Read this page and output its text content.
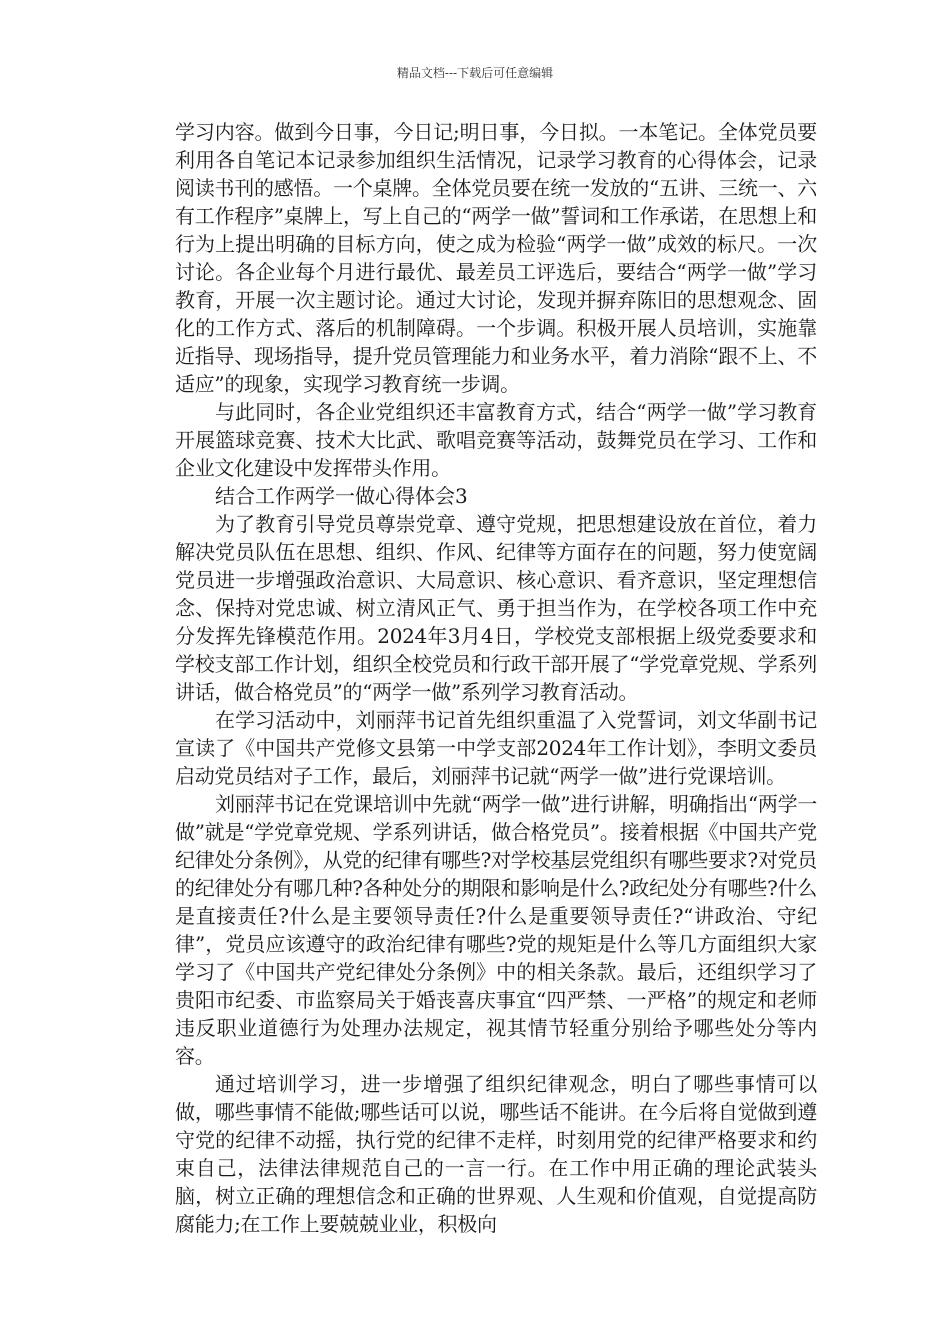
精品文档---下载后可任意编辑

学习内容。做到今日事，今日记;明日事，今日拟。一本笔记。全体党员要利用各自笔记本记录参加组织生活情况，记录学习教育的心得体会，记录阅读书刊的感悟。一个桌牌。全体党员要在统一发放的“五讲、三统一、六有工作程序”桌牌上，写上自己的“两学一做”誓词和工作承诺，在思想上和行为上提出明确的目标方向，使之成为检验“两学一做”成效的标尺。一次讨论。各企业每个月进行最优、最差员工评选后，要结合“两学一做”学习教育，开展一次主题讨论。通过大讨论，发现并摒弃陈旧的思想观念、固化的工作方式、落后的机制障碍。一个步调。积极开展人员培训，实施靠近指导、现场指导，提升党员管理能力和业务水平，着力消除“跟不上、不适应”的现象，实现学习教育统一步调。

与此同时，各企业党组织还丰富教育方式，结合“两学一做”学习教育开展篮球竞赛、技术大比武、歌唱竞赛等活动，鼓舞党员在学习、工作和企业文化建设中发挥带头作用。

结合工作两学一做心得体会3

为了教育引导党员尊崇党章、遵守党规，把思想建设放在首位，着力解决党员队伍在思想、组织、作风、纪律等方面存在的问题，努力使宽阔党员进一步增强政治意识、大局意识、核心意识、看齐意识，坚定理想信念、保持对党忠诚、树立清风正气、勇于担当作为，在学校各项工作中充分发挥先锋模范作用。2024年3月4日，学校党支部根据上级党委要求和学校支部工作计划，组织全校党员和行政干部开展了“学党章党规、学系列讲话，做合格党员”的“两学一做”系列学习教育活动。

在学习活动中，刘丽萍书记首先组织重温了入党誓词，刘文华副书记宣读了《中国共产党修文县第一中学支部2024年工作计划》，李明文委员启动党员结对子工作，最后，刘丽萍书记就“两学一做”进行党课培训。

刘丽萍书记在党课培训中先就“两学一做”进行讲解，明确指出“两学一做”就是“学党章党规、学系列讲话，做合格党员”。接着根据《中国共产党纪律处分条例》，从党的纪律有哪些?对学校基层党组织有哪些要求?对党员的纪律处分有哪几种?各种处分的期限和影响是什么?政纪处分有哪些?什么是直接责任?什么是主要领导责任?什么是重要领导责任?“讲政治、守纪律”，党员应该遵守的政治纪律有哪些?党的规矩是什么等几方面组织大家学习了《中国共产党纪律处分条例》中的相关条款。最后，还组织学习了贵阳市纪委、市监察局关于婚丧喜庆事宜“四严禁、一严格”的规定和老师违反职业道德行为处理办法规定，视其情节轻重分别给予哪些处分等内容。

通过培训学习，进一步增强了组织纪律观念，明白了哪些事情可以做，哪些事情不能做;哪些话可以说，哪些话不能讲。在今后将自觉做到遵守党的纪律不动摇，执行党的纪律不走样，时刻用党的纪律严格要求和约束自己，法律法律规范自己的一言一行。在工作中用正确的理论武装头脑，树立正确的理想信念和正确的世界观、人生观和价值观，自觉提高防腐能力;在工作上要兢兢业业，积极向
